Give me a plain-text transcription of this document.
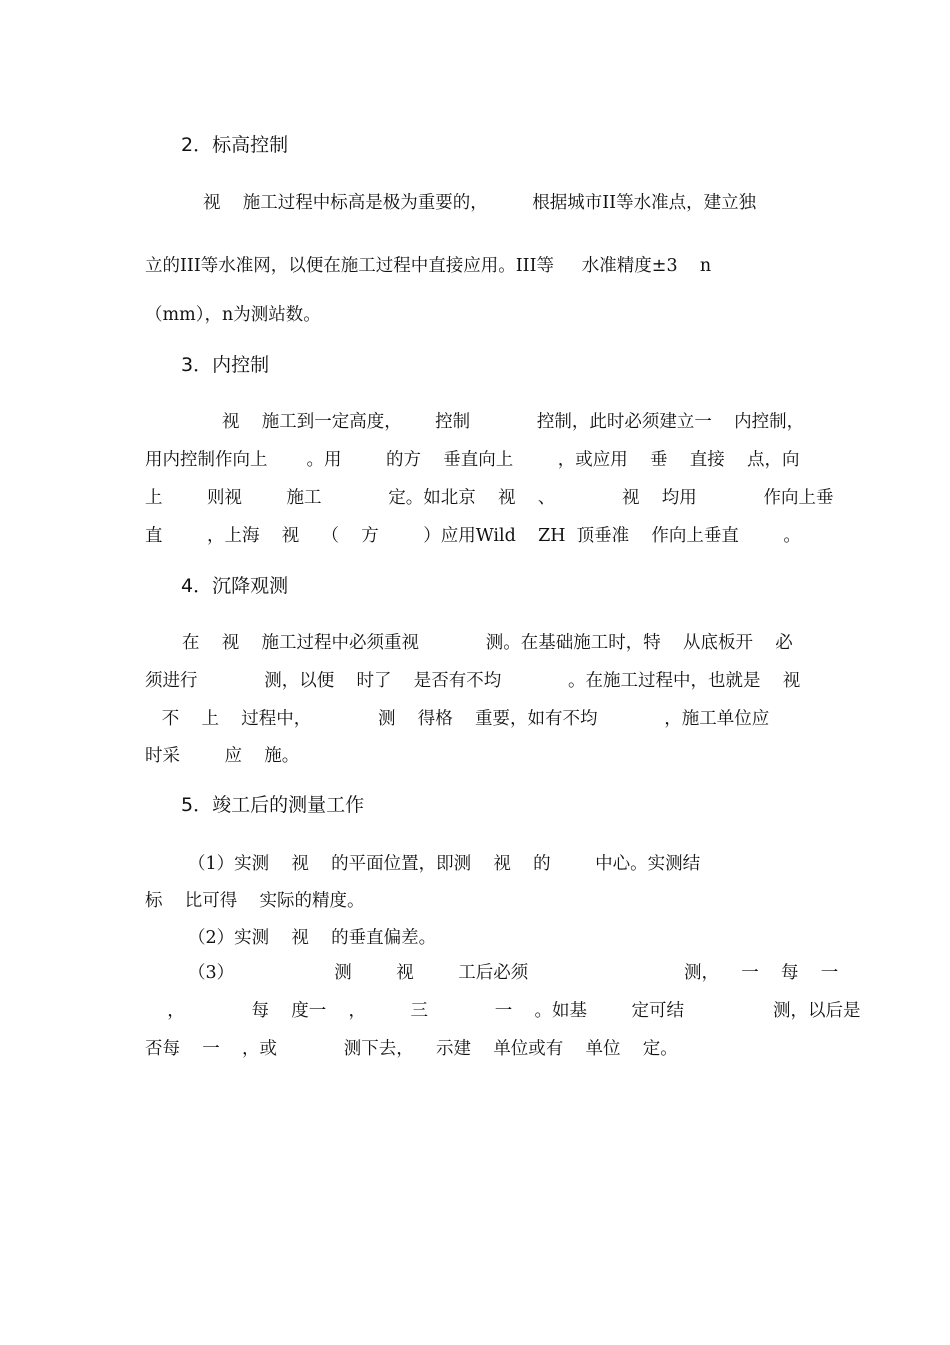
2．标高控制
视    施工过程中标高是极为重要的，        根据城市II等水准点，建立独
立的III等水准网，以便在施工过程中直接应用。III等     水准精度±3    n
（mm），n为测站数。
3．内控制
视    施工到一定高度，      控制            控制，此时必须建立一    内控制，
用内控制作向上       。用        的方    垂直向上        ，或应用    垂    直接    点，向
上        则视        施工            定。如北京    视    、            视    均用            作向上垂
直        ，上海    视    （    方        ）应用Wild    ZH  顶垂准    作向上垂直        。
4．沉降观测
在    视    施工过程中必须重视            测。在基础施工时，特    从底板开    必
须进行            测，以便    时了    是否有不均            。在施工过程中，也就是    视
不    上    过程中，            测    得格    重要，如有不均            ，施工单位应
时采        应    施。
5．竣工后的测量工作
（1）实测    视    的平面位置，即测    视    的        中心。实测结
标    比可得    实际的精度。
（2）实测    视    的垂直偏差。
（3）                  测        视        工后必须                            测，    一    每    一
，            每    度一    ，        三            一    。如基        定可结                测，以后是
否每    一    ，或            测下去，    示建    单位或有    单位    定。
